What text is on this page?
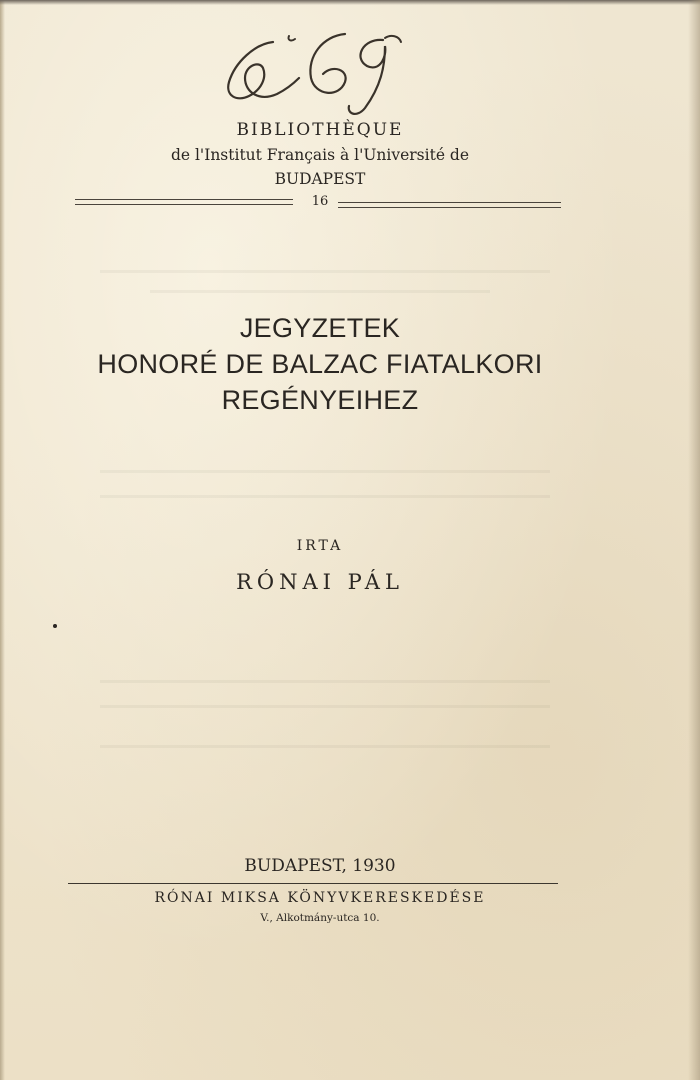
BIBLIOTHÈQUE
de l'Institut Français à l'Université de
BUDAPEST
16
JEGYZETEK
HONORÉ DE BALZAC FIATALKORI
REGÉNYEIHEZ
IRTA
RÓNAI PÁL
BUDAPEST, 1930
RÓNAI MIKSA KÖNYVKERESKEDÉSE
V., Alkotmány-utca 10.
